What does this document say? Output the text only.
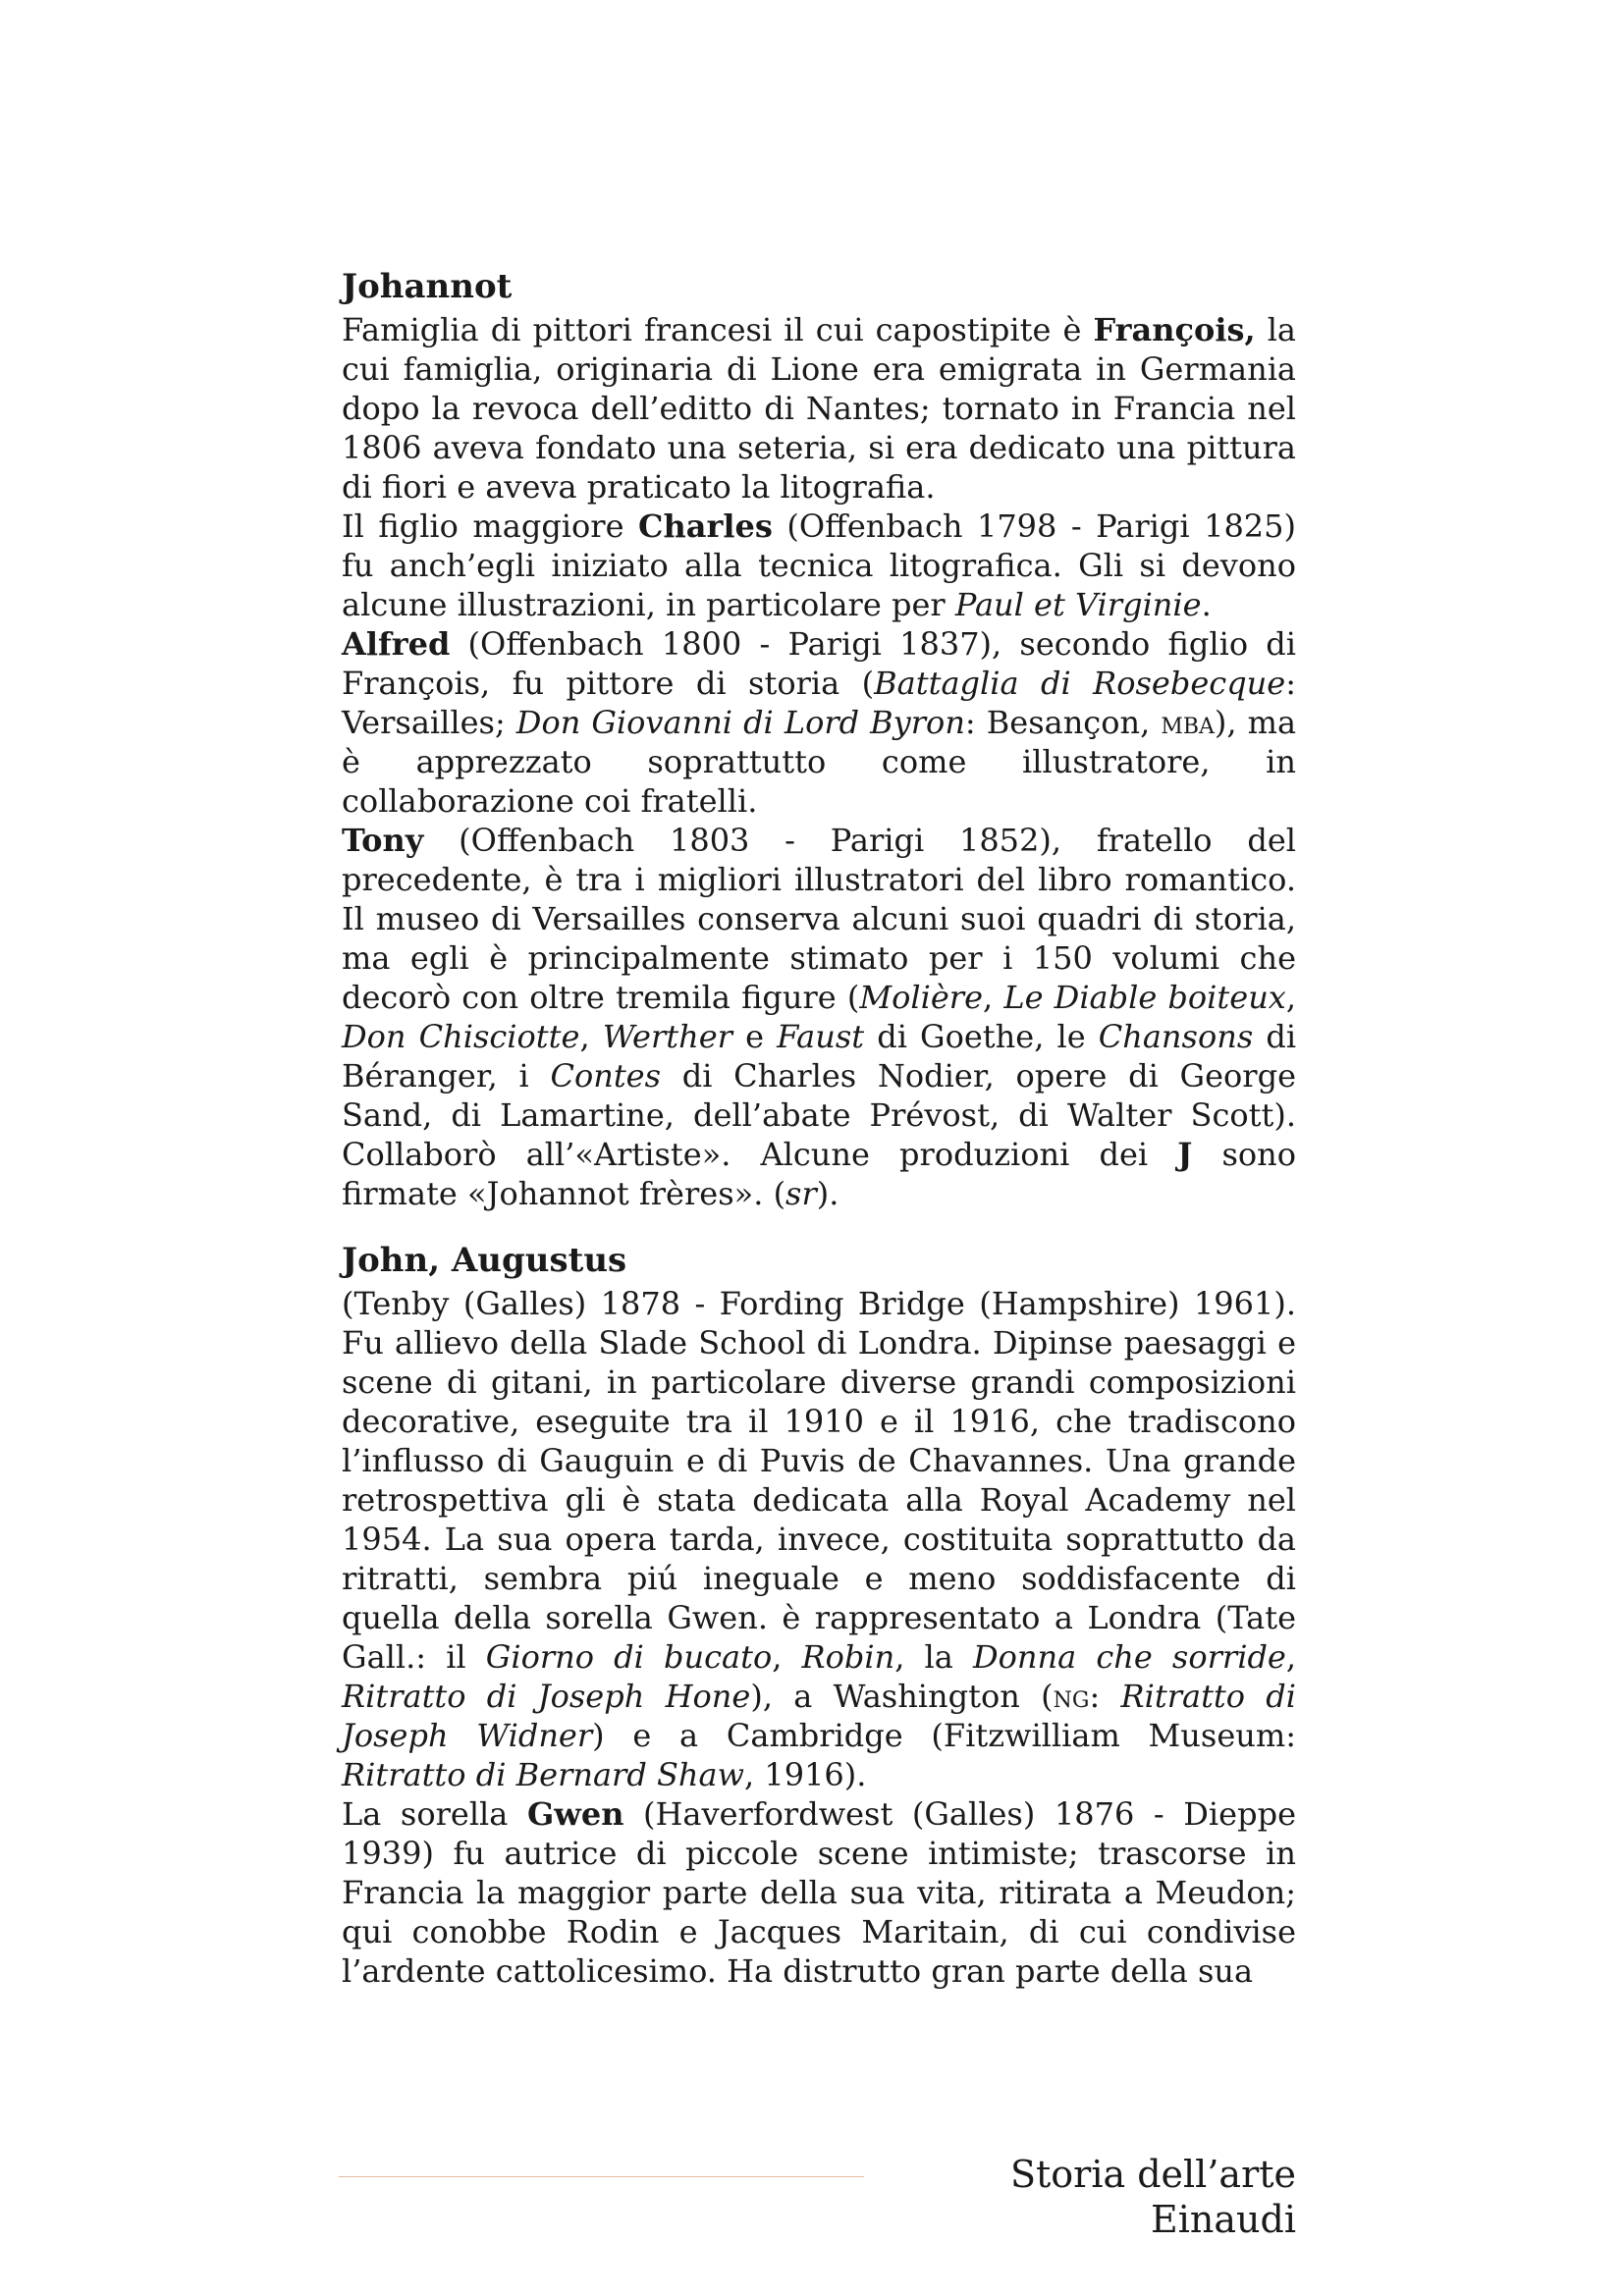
Johannot

Famiglia di pittori francesi il cui capostipite è François, la cui famiglia, originaria di Lione era emigrata in Germania dopo la revoca dell’editto di Nantes; tornato in Francia nel 1806 aveva fondato una seteria, si era dedicato una pittura di fiori e aveva praticato la litografia.

Il figlio maggiore Charles (Offenbach 1798 - Parigi 1825) fu anch’egli iniziato alla tecnica litografica. Gli si devono alcune illustrazioni, in particolare per Paul et Virginie.

Alfred (Offenbach 1800 - Parigi 1837), secondo figlio di François, fu pittore di storia (Battaglia di Rosebecque: Versailles; Don Giovanni di Lord Byron: Besançon, mba), ma è apprezzato soprattutto come illustratore, in collaborazione coi fratelli.

Tony (Offenbach 1803 - Parigi 1852), fratello del precedente, è tra i migliori illustratori del libro romantico. Il museo di Versailles conserva alcuni suoi quadri di storia, ma egli è principalmente stimato per i 150 volumi che decorò con oltre tremila figure (Molière, Le Diable boiteux, Don Chisciotte, Werther e Faust di Goethe, le Chansons di Béranger, i Contes di Charles Nodier, opere di George Sand, di Lamartine, dell’abate Prévost, di Walter Scott). Collaborò all’«Artiste». Alcune produzioni dei J sono firmate «Johannot frères». (sr).

John, Augustus

(Tenby (Galles) 1878 - Fording Bridge (Hampshire) 1961). Fu allievo della Slade School di Londra. Dipinse paesaggi e scene di gitani, in particolare diverse grandi composizioni decorative, eseguite tra il 1910 e il 1916, che tradiscono l’influsso di Gauguin e di Puvis de Chavannes. Una grande retrospettiva gli è stata dedicata alla Royal Academy nel 1954. La sua opera tarda, invece, costituita soprattutto da ritratti, sembra piú ineguale e meno soddisfacente di quella della sorella Gwen. è rappresentato a Londra (Tate Gall.: il Giorno di bucato, Robin, la Donna che sorride, Ritratto di Joseph Hone), a Washington (ng: Ritratto di Joseph Widner) e a Cambridge (Fitzwilliam Museum: Ritratto di Bernard Shaw, 1916).

La sorella Gwen (Haverfordwest (Galles) 1876 - Dieppe 1939) fu autrice di piccole scene intimiste; trascorse in Francia la maggior parte della sua vita, ritirata a Meudon; qui conobbe Rodin e Jacques Maritain, di cui condivise l’ardente cattolicesimo. Ha distrutto gran parte della sua

Storia dell’arte Einaudi
